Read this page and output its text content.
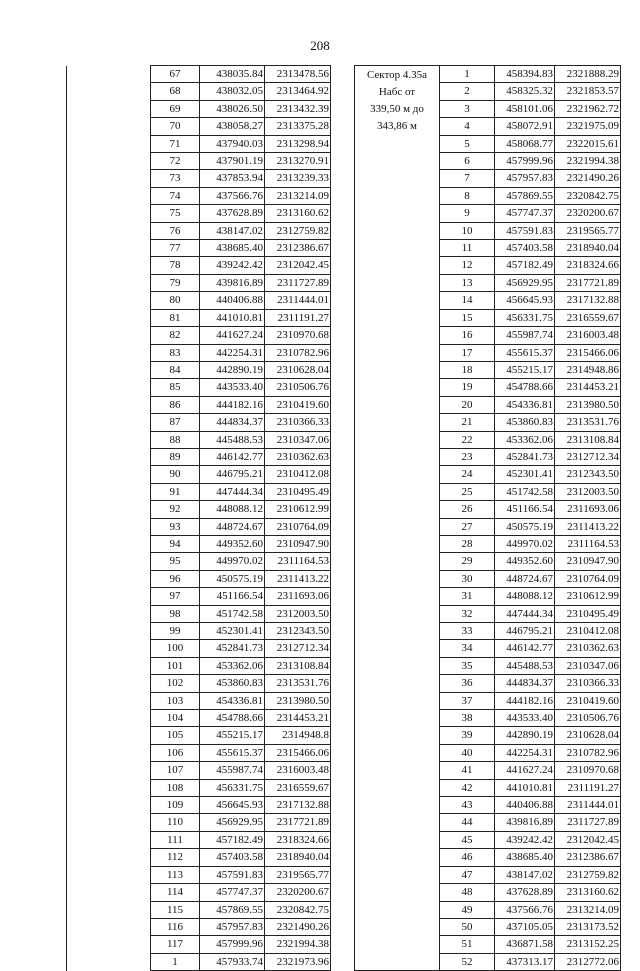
208
	67	438035.84	2313478.56
	68	438032.05	2313464.92
	69	438026.50	2313432.39
	70	438058.27	2313375.28
	71	437940.03	2313298.94
	72	437901.19	2313270.91
	73	437853.94	2313239.33
	74	437566.76	2313214.09
	75	437628.89	2313160.62
	76	438147.02	2312759.82
	77	438685.40	2312386.67
	78	439242.42	2312042.45
	79	439816.89	2311727.89
	80	440406.88	2311444.01
	81	441010.81	2311191.27
	82	441627.24	2310970.68
	83	442254.31	2310782.96
	84	442890.19	2310628.04
	85	443533.40	2310506.76
	86	444182.16	2310419.60
	87	444834.37	2310366.33
	88	445488.53	2310347.06
	89	446142.77	2310362.63
	90	446795.21	2310412.08
	91	447444.34	2310495.49
	92	448088.12	2310612.99
	93	448724.67	2310764.09
	94	449352.60	2310947.90
	95	449970.02	2311164.53
	96	450575.19	2311413.22
	97	451166.54	2311693.06
	98	451742.58	2312003.50
	99	452301.41	2312343.50
	100	452841.73	2312712.34
	101	453362.06	2313108.84
	102	453860.83	2313531.76
	103	454336.81	2313980.50
	104	454788.66	2314453.21
	105	455215.17	2314948.8
	106	455615.37	2315466.06
	107	455987.74	2316003.48
	108	456331.75	2316559.67
	109	456645.93	2317132.88
	110	456929.95	2317721.89
	111	457182.49	2318324.66
	112	457403.58	2318940.04
	113	457591.83	2319565.77
	114	457747.37	2320200.67
	115	457869.55	2320842.75
	116	457957.83	2321490.26
	117	457999.96	2321994.38
	1	457933.74	2321973.96
Сектор 4.35а
Набс от
339,50 м до
343,86 м	1	458394.83	2321888.29
	2	458325.32	2321853.57
	3	458101.06	2321962.72
	4	458072.91	2321975.09
	5	458068.77	2322015.61
	6	457999.96	2321994.38
	7	457957.83	2321490.26
	8	457869.55	2320842.75
	9	457747.37	2320200.67
	10	457591.83	2319565.77
	11	457403.58	2318940.04
	12	457182.49	2318324.66
	13	456929.95	2317721.89
	14	456645.93	2317132.88
	15	456331.75	2316559.67
	16	455987.74	2316003.48
	17	455615.37	2315466.06
	18	455215.17	2314948.86
	19	454788.66	2314453.21
	20	454336.81	2313980.50
	21	453860.83	2313531.76
	22	453362.06	2313108.84
	23	452841.73	2312712.34
	24	452301.41	2312343.50
	25	451742.58	2312003.50
	26	451166.54	2311693.06
	27	450575.19	2311413.22
	28	449970.02	2311164.53
	29	449352.60	2310947.90
	30	448724.67	2310764.09
	31	448088.12	2310612.99
	32	447444.34	2310495.49
	33	446795.21	2310412.08
	34	446142.77	2310362.63
	35	445488.53	2310347.06
	36	444834.37	2310366.33
	37	444182.16	2310419.60
	38	443533.40	2310506.76
	39	442890.19	2310628.04
	40	442254.31	2310782.96
	41	441627.24	2310970.68
	42	441010.81	2311191.27
	43	440406.88	2311444.01
	44	439816.89	2311727.89
	45	439242.42	2312042.45
	46	438685.40	2312386.67
	47	438147.02	2312759.82
	48	437628.89	2313160.62
	49	437566.76	2313214.09
	50	437105.05	2313173.52
	51	436871.58	2313152.25
	52	437313.17	2312772.06
